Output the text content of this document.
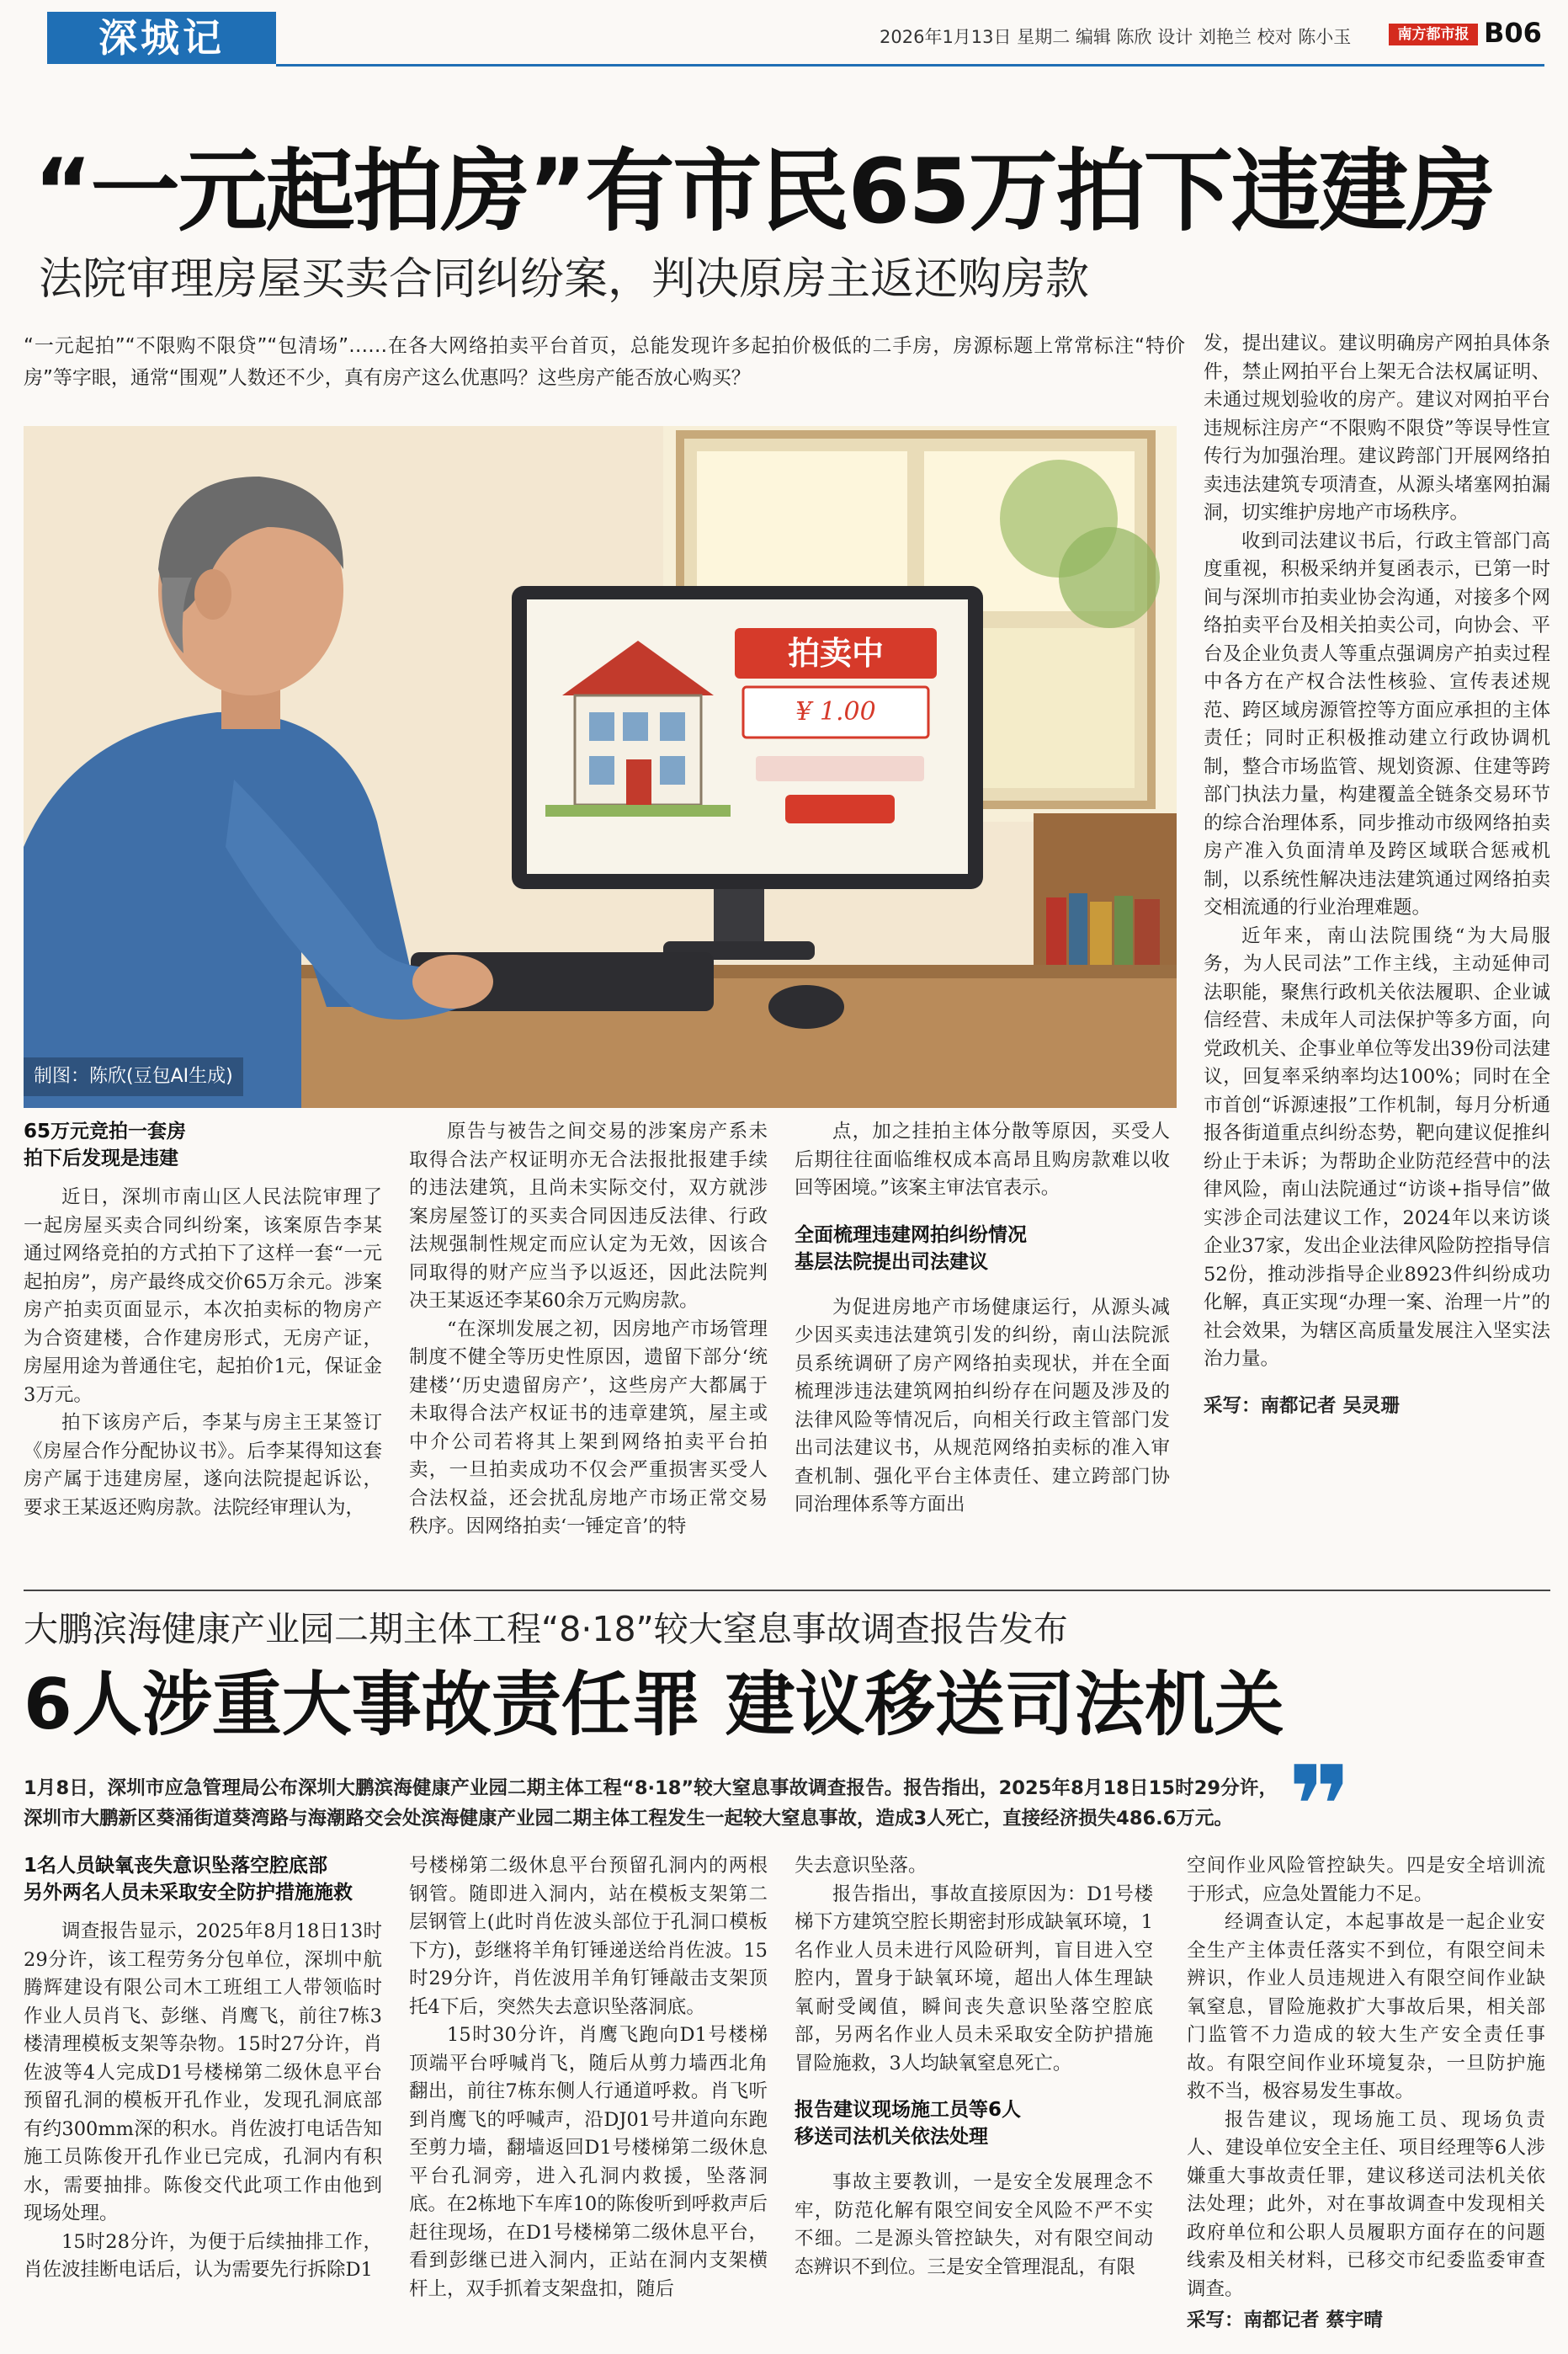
深城记	2026年1月13日 星期二 编辑 陈欣 设计 刘艳兰 校对 陈小玉	南方都市报 B06
“一元起拍房”有市民65万拍下违建房
法院审理房屋买卖合同纠纷案，判决原房主返还购房款
“一元起拍”“不限购不限贷”“包清场”……在各大网络拍卖平台首页，总能发现许多起拍价极低的二手房，房源标题上常常标注“特价房”等字眼，通常“围观”人数还不少，真有房产这么优惠吗？这些房产能否放心购买？
拍卖中
¥ 1.00
制图：陈欣(豆包AI生成)

65万元竞拍一套房
拍下后发现是违建

近日，深圳市南山区人民法院审理了一起房屋买卖合同纠纷案，该案原告李某通过网络竞拍的方式拍下了这样一套“一元起拍房”，房产最终成交价65万余元。涉案房产拍卖页面显示，本次拍卖标的物房产为合资建楼，合作建房形式，无房产证，房屋用途为普通住宅，起拍价1元，保证金3万元。

拍下该房产后，李某与房主王某签订《房屋合作分配协议书》。后李某得知这套房产属于违建房屋，遂向法院提起诉讼，要求王某返还购房款。法院经审理认为，

原告与被告之间交易的涉案房产系未取得合法产权证明亦无合法报批报建手续的违法建筑，且尚未实际交付，双方就涉案房屋签订的买卖合同因违反法律、行政法规强制性规定而应认定为无效，因该合同取得的财产应当予以返还，因此法院判决王某返还李某60余万元购房款。

“在深圳发展之初，因房地产市场管理制度不健全等历史性原因，遗留下部分‘统建楼’‘历史遗留房产’，这些房产大都属于未取得合法产权证书的违章建筑，屋主或中介公司若将其上架到网络拍卖平台拍卖，一旦拍卖成功不仅会严重损害买受人合法权益，还会扰乱房地产市场正常交易秩序。因网络拍卖‘一锤定音’的特

点，加之挂拍主体分散等原因，买受人后期往往面临维权成本高昂且购房款难以收回等困境。”该案主审法官表示。

全面梳理违建网拍纠纷情况
基层法院提出司法建议

为促进房地产市场健康运行，从源头减少因买卖违法建筑引发的纠纷，南山法院派员系统调研了房产网络拍卖现状，并在全面梳理涉违法建筑网拍纠纷存在问题及涉及的法律风险等情况后，向相关行政主管部门发出司法建议书，从规范网络拍卖标的准入审查机制、强化平台主体责任、建立跨部门协同治理体系等方面出

发，提出建议。建议明确房产网拍具体条件，禁止网拍平台上架无合法权属证明、未通过规划验收的房产。建议对网拍平台违规标注房产“不限购不限贷”等误导性宣传行为加强治理。建议跨部门开展网络拍卖违法建筑专项清查，从源头堵塞网拍漏洞，切实维护房地产市场秩序。

收到司法建议书后，行政主管部门高度重视，积极采纳并复函表示，已第一时间与深圳市拍卖业协会沟通，对接多个网络拍卖平台及相关拍卖公司，向协会、平台及企业负责人等重点强调房产拍卖过程中各方在产权合法性核验、宣传表述规范、跨区域房源管控等方面应承担的主体责任；同时正积极推动建立行政协调机制，整合市场监管、规划资源、住建等跨部门执法力量，构建覆盖全链条交易环节的综合治理体系，同步推动市级网络拍卖房产准入负面清单及跨区域联合惩戒机制，以系统性解决违法建筑通过网络拍卖交相流通的行业治理难题。

近年来，南山法院围绕“为大局服务，为人民司法”工作主线，主动延伸司法职能，聚焦行政机关依法履职、企业诚信经营、未成年人司法保护等多方面，向党政机关、企事业单位等发出39份司法建议，回复率采纳率均达100%；同时在全市首创“诉源速报”工作机制，每月分析通报各街道重点纠纷态势，靶向建议促推纠纷止于未诉；为帮助企业防范经营中的法律风险，南山法院通过“访谈+指导信”做实涉企司法建议工作，2024年以来访谈企业37家，发出企业法律风险防控指导信52份，推动涉指导企业8923件纠纷成功化解，真正实现“办理一案、治理一片”的社会效果，为辖区高质量发展注入坚实法治力量。

采写：南都记者 吴灵珊

大鹏滨海健康产业园二期主体工程“8·18”较大窒息事故调查报告发布
6人涉重大事故责任罪 建议移送司法机关
1月8日，深圳市应急管理局公布深圳大鹏滨海健康产业园二期主体工程“8·18”较大窒息事故调查报告。报告指出，2025年8月18日15时29分许，深圳市大鹏新区葵涌街道葵湾路与海潮路交会处滨海健康产业园二期主体工程发生一起较大窒息事故，造成3人死亡，直接经济损失486.6万元。 ❞

1名人员缺氧丧失意识坠落空腔底部
另外两名人员未采取安全防护措施施救

调查报告显示，2025年8月18日13时29分许，该工程劳务分包单位，深圳中航腾辉建设有限公司木工班组工人带领临时作业人员肖飞、彭继、肖鹰飞，前往7栋3楼清理模板支架等杂物。15时27分许，肖佐波等4人完成D1号楼梯第二级休息平台预留孔洞的模板开孔作业，发现孔洞底部有约300mm深的积水。肖佐波打电话告知施工员陈俊开孔作业已完成，孔洞内有积水，需要抽排。陈俊交代此项工作由他到现场处理。

15时28分许，为便于后续抽排工作，肖佐波挂断电话后，认为需要先行拆除D1

号楼梯第二级休息平台预留孔洞内的两根钢管。随即进入洞内，站在模板支架第二层钢管上(此时肖佐波头部位于孔洞口模板下方)，彭继将羊角钉锤递送给肖佐波。15时29分许，肖佐波用羊角钉锤敲击支架顶托4下后，突然失去意识坠落洞底。

15时30分许，肖鹰飞跑向D1号楼梯顶端平台呼喊肖飞，随后从剪力墙西北角翻出，前往7栋东侧人行通道呼救。肖飞听到肖鹰飞的呼喊声，沿DJ01号井道向东跑至剪力墙，翻墙返回D1号楼梯第二级休息平台孔洞旁，进入孔洞内救援，坠落洞底。在2栋地下车库10的陈俊听到呼救声后赶往现场，在D1号楼梯第二级休息平台，看到彭继已进入洞内，正站在洞内支架横杆上，双手抓着支架盘扣，随后

失去意识坠落。

报告指出，事故直接原因为：D1号楼梯下方建筑空腔长期密封形成缺氧环境，1名作业人员未进行风险研判，盲目进入空腔内，置身于缺氧环境，超出人体生理缺氧耐受阈值，瞬间丧失意识坠落空腔底部，另两名作业人员未采取安全防护措施冒险施救，3人均缺氧窒息死亡。

报告建议现场施工员等6人
移送司法机关依法处理

事故主要教训，一是安全发展理念不牢，防范化解有限空间安全风险不严不实不细。二是源头管控缺失，对有限空间动态辨识不到位。三是安全管理混乱，有限

空间作业风险管控缺失。四是安全培训流于形式，应急处置能力不足。

经调查认定，本起事故是一起企业安全生产主体责任落实不到位，有限空间未辨识，作业人员违规进入有限空间作业缺氧窒息，冒险施救扩大事故后果，相关部门监管不力造成的较大生产安全责任事故。有限空间作业环境复杂，一旦防护施救不当，极容易发生事故。

报告建议，现场施工员、现场负责人、建设单位安全主任、项目经理等6人涉嫌重大事故责任罪，建议移送司法机关依法处理；此外，对在事故调查中发现相关政府单位和公职人员履职方面存在的问题线索及相关材料，已移交市纪委监委审查调查。

采写：南都记者 蔡宇晴
